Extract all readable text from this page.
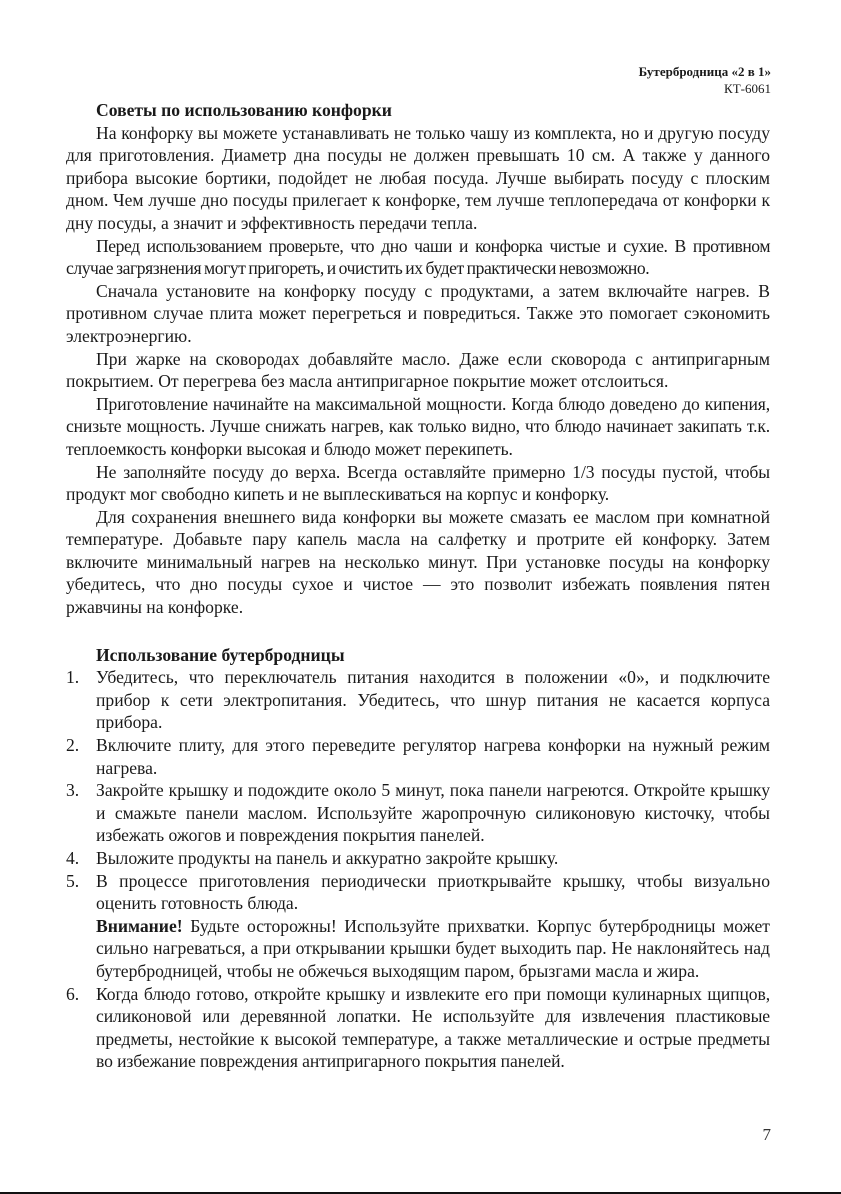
Бутербродница «2 в 1»
КТ-6061
Советы по использованию конфорки

На конфорку вы можете устанавливать не только чашу из комплекта, но и другую посуду для приготовления. Диаметр дна посуды не должен превышать 10 см. А также у данного прибора высокие бортики, подойдет не любая посуда. Лучше выбирать посуду с плоским дном. Чем лучше дно посуды прилегает к конфорке, тем лучше теплопередача от конфорки к дну посуды, а значит и эффективность передачи тепла.

Перед использованием проверьте, что дно чаши и конфорка чистые и сухие. В противном случае загрязнения могут пригореть, и очистить их будет практически невозможно.

Сначала установите на конфорку посуду с продуктами, а затем включайте нагрев. В противном случае плита может перегреться и повредиться. Также это помогает сэкономить электроэнергию.

При жарке на сковородах добавляйте масло. Даже если сковорода с антипригарным покрытием. От перегрева без масла антипригарное покрытие может отслоиться.

Приготовление начинайте на максимальной мощности. Когда блюдо доведено до кипения, снизьте мощность. Лучше снижать нагрев, как только видно, что блюдо начинает закипать т.к. теплоемкость конфорки высокая и блюдо может перекипеть.

Не заполняйте посуду до верха. Всегда оставляйте примерно 1/3 посуды пустой, чтобы продукт мог свободно кипеть и не выплескиваться на корпус и конфорку.

Для сохранения внешнего вида конфорки вы можете смазать ее маслом при комнатной температуре. Добавьте пару капель масла на салфетку и протрите ей конфорку. Затем включите минимальный нагрев на несколько минут. При установке посуды на конфорку убедитесь, что дно посуды сухое и чистое — это позволит избежать появления пятен ржавчины на конфорке.

Использование бутербродницы
1. Убедитесь, что переключатель питания находится в положении «0», и подключите прибор к сети электропитания. Убедитесь, что шнур питания не касается корпуса прибора.
2. Включите плиту, для этого переведите регулятор нагрева конфорки на нужный режим нагрева.
3. Закройте крышку и подождите около 5 минут, пока панели нагреются. Откройте крышку и смажьте панели маслом. Используйте жаропрочную силиконовую кисточку, чтобы избежать ожогов и повреждения покрытия панелей.
4. Выложите продукты на панель и аккуратно закройте крышку.
5. В процессе приготовления периодически приоткрывайте крышку, чтобы визуально оценить готовность блюда.
Внимание! Будьте осторожны! Используйте прихватки. Корпус бутербродницы может сильно нагреваться, а при открывании крышки будет выходить пар. Не наклоняйтесь над бутербродницей, чтобы не обжечься выходящим паром, брызгами масла и жира.
6. Когда блюдо готово, откройте крышку и извлеките его при помощи кулинарных щипцов, силиконовой или деревянной лопатки. Не используйте для извлечения пластиковые предметы, нестойкие к высокой температуре, а также металлические и острые предметы во избежание повреждения антипригарного покрытия панелей.
7
